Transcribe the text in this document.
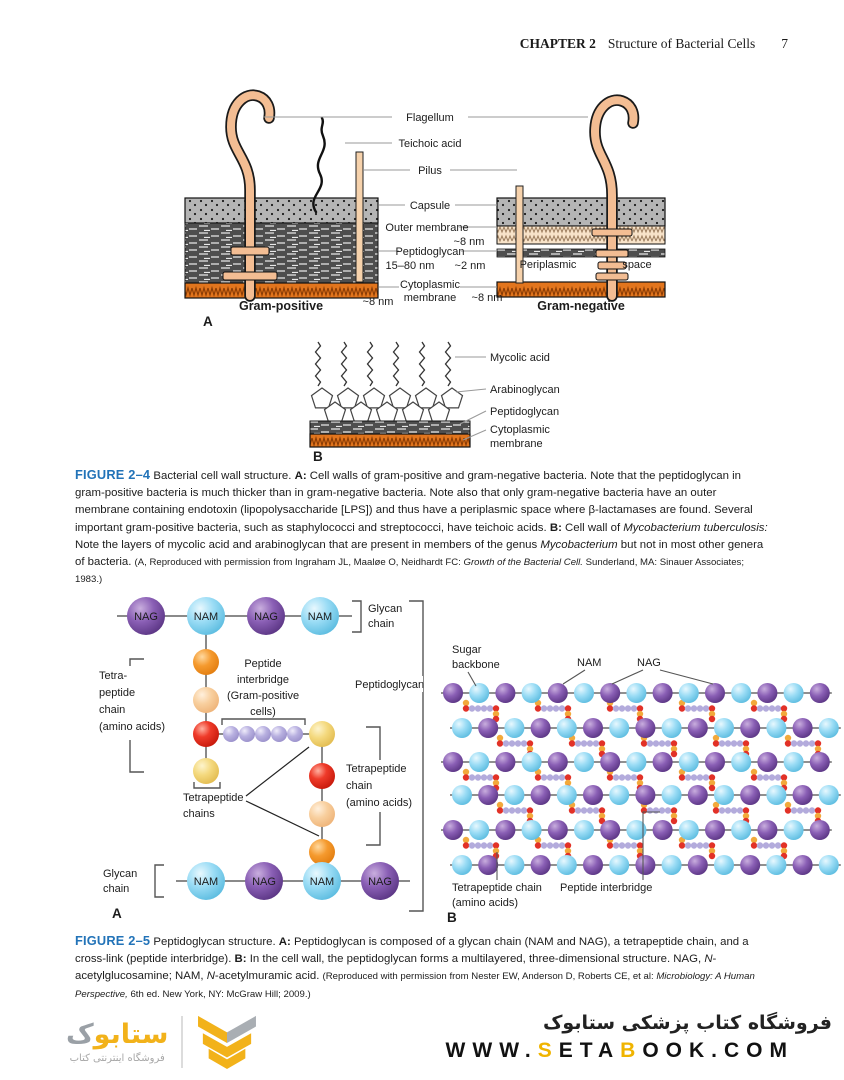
CHAPTER 2 Structure of Bacterial Cells 7
Flagellum
Teichoic acid
Pilus
Capsule
Outer membrane
~8 nm
Peptidoglycan
15–80 nm ~2 nm	Periplasmic	space
Cytoplasmic
membrane
~8 nm	~8 nm
Gram-positive	Gram-negative
A
Mycolic acid
Arabinoglycan
Peptidoglycan
Cytoplasmic
membrane
B
NAG	NAM	NAG	NAM
NAM	NAG	NAM	NAG
Glycan
chain
Peptidoglycan
Tetra-
peptide
chain
(amino acids)
Peptide
interbridge
(Gram-positive
cells)
Tetrapeptide
chains
Tetrapeptide
chain
(amino acids)
Glycan
chain
A
Sugar
backbone	NAM	NAG
Tetrapeptide chain
(amino acids)
Peptide interbridge
B
FIGURE 2–4 Bacterial cell wall structure. A: Cell walls of gram-positive and gram-negative bacteria. Note that the peptidoglycan in gram-positive bacteria is much thicker than in gram-negative bacteria. Note also that only gram-negative bacteria have an outer membrane containing endotoxin (lipopolysaccharide [LPS]) and thus have a periplasmic space where β-lactamases are found. Several important gram-positive bacteria, such as staphylococci and streptococci, have teichoic acids. B: Cell wall of Mycobacterium tuberculosis: Note the layers of mycolic acid and arabinoglycan that are present in members of the genus Mycobacterium but not in most other genera of bacteria. (A, Reproduced with permission from Ingraham JL, Maaløe O, Neidhardt FC: Growth of the Bacterial Cell. Sunderland, MA: Sinauer Associates; 1983.)
FIGURE 2–5 Peptidoglycan structure. A: Peptidoglycan is composed of a glycan chain (NAM and NAG), a tetrapeptide chain, and a cross-link (peptide interbridge). B: In the cell wall, the peptidoglycan forms a multilayered, three-dimensional structure. NAG, N-acetylglucosamine; NAM, N-acetylmuramic acid. (Reproduced with permission from Nester EW, Anderson D, Roberts CE, et al: Microbiology: A Human Perspective, 6th ed. New York, NY: McGraw Hill; 2009.)
ستابوک
فروشگاه اینترنتی کتاب
فروشگاه کتاب پزشکی ستابوک
WWW.SETABOOK.COM
